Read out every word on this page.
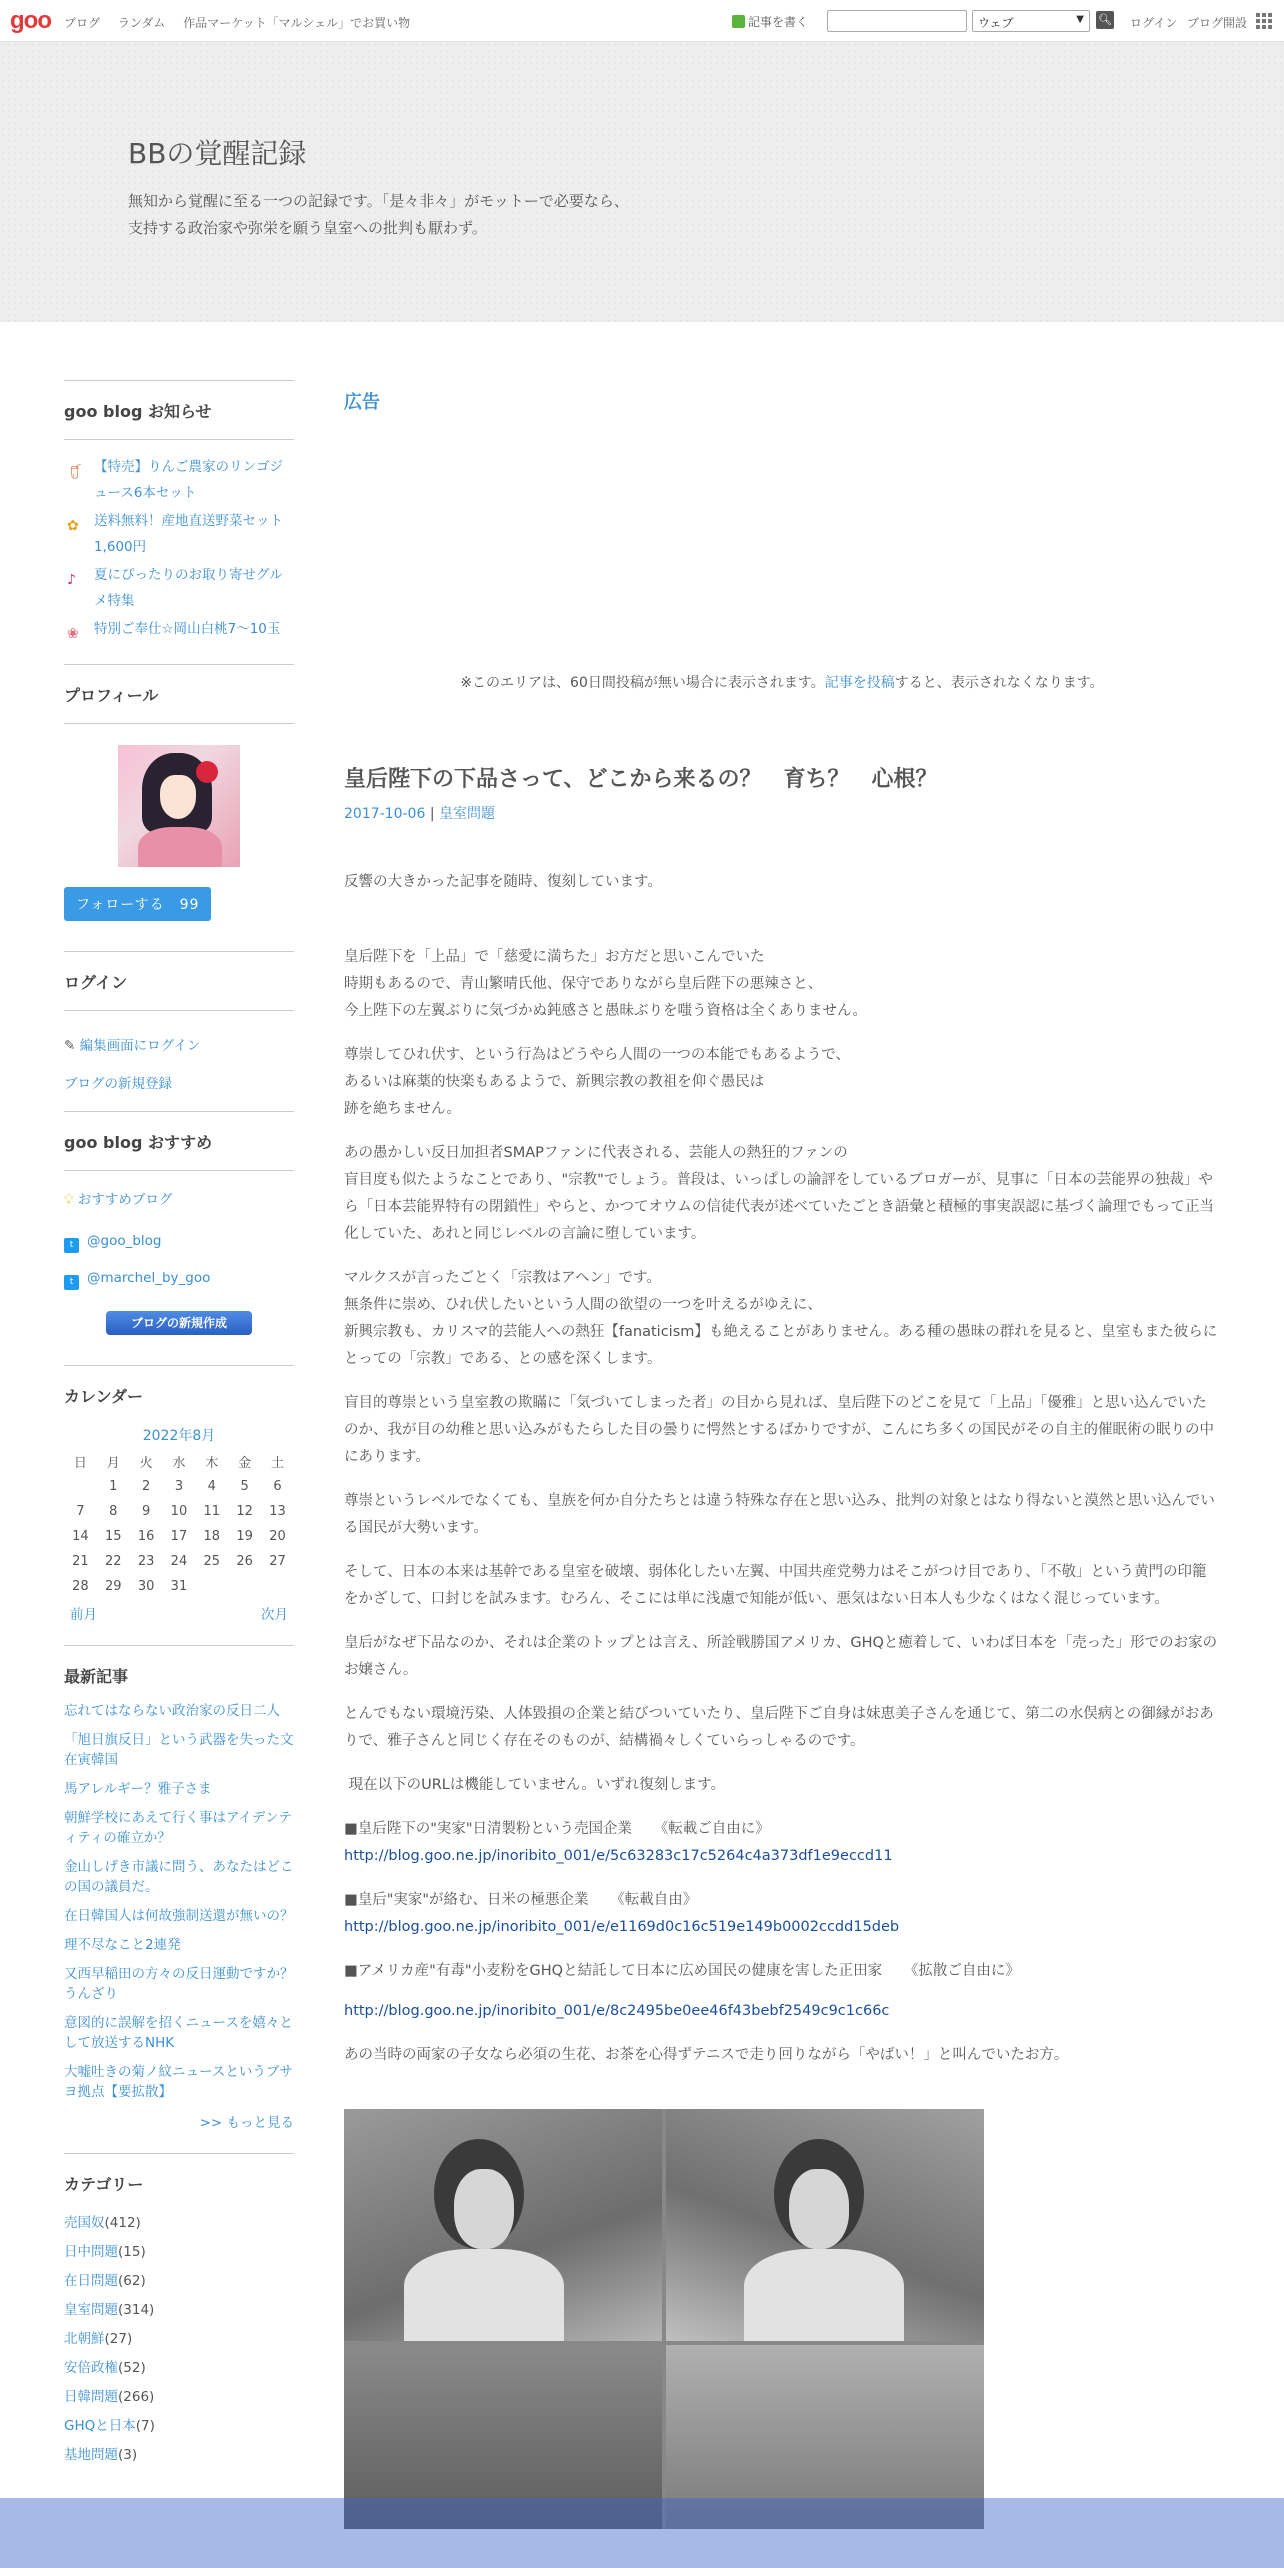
goo ブログ ランダム 作品マーケット「マルシェル」でお買い物	記事を書く	ウェブ	▼ 🔍︎ ログイン ブログ開設
BBの覚醒記録
無知から覚醒に至る一つの記録です。「是々非々」がモットーで必要なら、
支持する政治家や弥栄を願う皇室への批判も厭わず。
goo blog お知らせ
🥤︎ 【特売】りんご農家のリンゴジュース6本セット
✿ 送料無料！産地直送野菜セット1,600円
♪ 夏にぴったりのお取り寄せグルメ特集
❀ 特別ご奉仕☆岡山白桃7〜10玉
プロフィール
フォローする　99
ログイン
✎ 編集画面にログイン
ブログの新規登録
goo blog おすすめ
💡︎ おすすめブログ
t @goo_blog
t @marchel_by_goo
ブログの新規作成
カレンダー
2022年8月
日	月	火	水	木	金	土
	1	2	3	4	5	6
7	8	9	10	11	12	13
14	15	16	17	18	19	20
21	22	23	24	25	26	27
28	29	30	31			
前月	次月
最新記事
忘れてはならない政治家の反日二人
「旭日旗反日」という武器を失った文在寅韓国
馬アレルギー？雅子さま
朝鮮学校にあえて行く事はアイデンティティの確立か？
金山しげき市議に問う、あなたはどこの国の議員だ。
在日韓国人は何故強制送還が無いの？
理不尽なこと2連発
又西早稲田の方々の反日運動ですか？うんざり
意図的に誤解を招くニュースを嬉々として放送するNHK
大嘘吐きの菊ノ紋ニュースというブサヨ拠点【要拡散】
>> もっと見る
カテゴリー
売国奴(412)
日中問題(15)
在日問題(62)
皇室問題(314)
北朝鮮(27)
安倍政権(52)
日韓問題(266)
GHQと日本(7)
基地問題(3)
広告
※このエリアは、60日間投稿が無い場合に表示されます。記事を投稿すると、表示されなくなります。
皇后陛下の下品さって、どこから来るの？　育ち？　心根？
2017-10-06 | 皇室問題

反響の大きかった記事を随時、復刻しています。

皇后陛下を「上品」で「慈愛に満ちた」お方だと思いこんでいた
時期もあるので、青山繁晴氏他、保守でありながら皇后陛下の悪辣さと、
今上陛下の左翼ぶりに気づかぬ鈍感さと愚昧ぶりを嗤う資格は全くありません。

尊崇してひれ伏す、という行為はどうやら人間の一つの本能でもあるようで、
あるいは麻薬的快楽もあるようで、新興宗教の教祖を仰ぐ愚民は
跡を絶ちません。

あの愚かしい反日加担者SMAPファンに代表される、芸能人の熱狂的ファンの
盲目度も似たようなことであり、"宗教"でしょう。普段は、いっぱしの論評をしているブロガーが、見事に「日本の芸能界の独裁」やら「日本芸能界特有の閉鎖性」やらと、かつてオウムの信徒代表が述べていたごとき語彙と積極的事実誤認に基づく論理でもって正当化していた、あれと同じレベルの言論に堕しています。

マルクスが言ったごとく「宗教はアヘン」です。
無条件に崇め、ひれ伏したいという人間の欲望の一つを叶えるがゆえに、
新興宗教も、カリスマ的芸能人への熱狂【fanaticism】も絶えることがありません。ある種の愚昧の群れを見ると、皇室もまた彼らにとっての「宗教」である、との感を深くします。

盲目的尊崇という皇室教の欺瞞に「気づいてしまった者」の目から見れば、皇后陛下のどこを見て「上品」「優雅」と思い込んでいたのか、我が目の幼稚と思い込みがもたらした目の曇りに愕然とするばかりですが、こんにち多くの国民がその自主的催眠術の眠りの中にあります。

尊崇というレベルでなくても、皇族を何か自分たちとは違う特殊な存在と思い込み、批判の対象とはなり得ないと漠然と思い込んでいる国民が大勢います。

そして、日本の本来は基幹である皇室を破壊、弱体化したい左翼、中国共産党勢力はそこがつけ目であり、「不敬」という黄門の印籠をかざして、口封じを試みます。むろん、そこには単に浅慮で知能が低い、悪気はない日本人も少なくはなく混じっています。

皇后がなぜ下品なのか、それは企業のトップとは言え、所詮戦勝国アメリカ、GHQと癒着して、いわば日本を「売った」形でのお家のお嬢さん。

とんでもない環境汚染、人体毀損の企業と結びついていたり、皇后陛下ご自身は妹恵美子さんを通じて、第二の水俣病との御縁がおありで、雅子さんと同じく存在そのものが、結構禍々しくていらっしゃるのです。

現在以下のURLは機能していません。いずれ復刻します。

■皇后陛下の"実家"日清製粉という売国企業　　《転載ご自由に》
http://blog.goo.ne.jp/inoribito_001/e/5c63283c17c5264c4a373df1e9eccd11

■皇后"実家"が絡む、日米の極悪企業　　《転載自由》
http://blog.goo.ne.jp/inoribito_001/e/e1169d0c16c519e149b0002ccdd15deb

■アメリカ産"有毒"小麦粉をGHQと結託して日本に広め国民の健康を害した正田家　　《拡散ご自由に》

http://blog.goo.ne.jp/inoribito_001/e/8c2495be0ee46f43bebf2549c9c1c66c

あの当時の両家の子女なら必須の生花、お茶を心得ずテニスで走り回りながら「やばい！」と叫んでいたお方。
